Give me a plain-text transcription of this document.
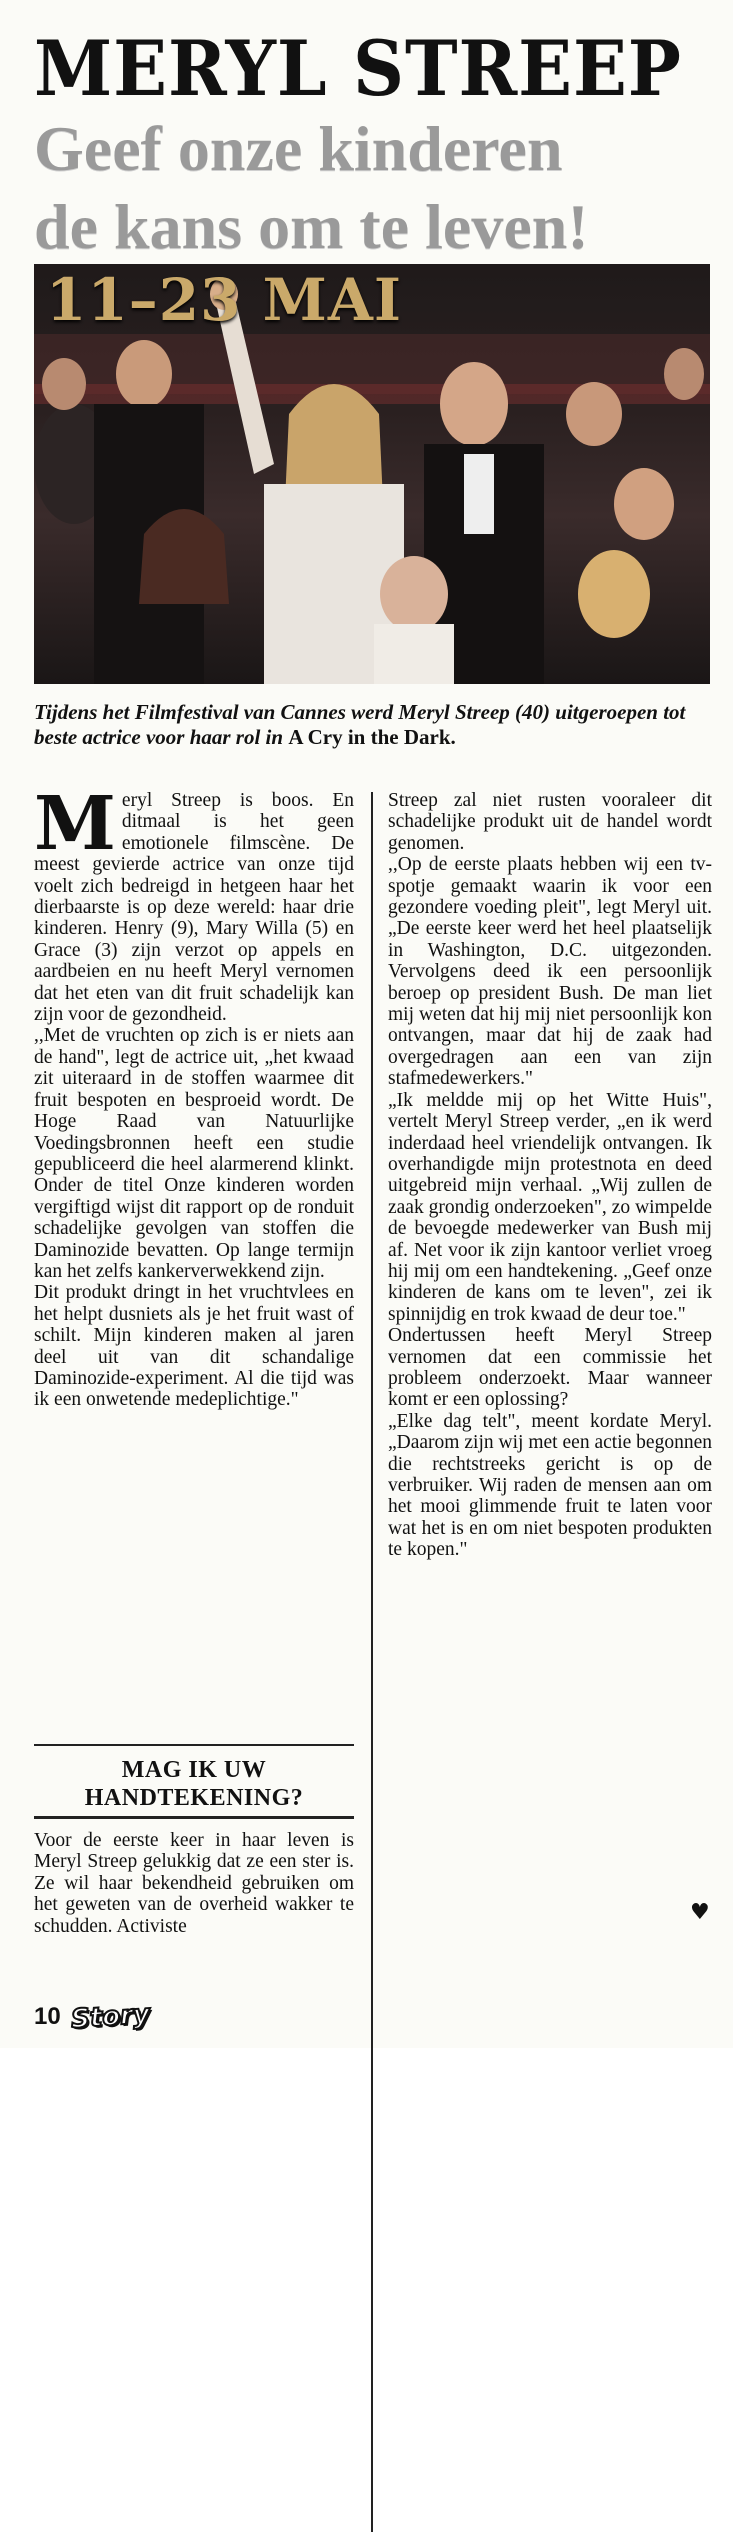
MERYL STREEP
Geef onze kinderen
de kans om te leven!
11–23 MAI
Tijdens het Filmfestival van Cannes werd Meryl Streep (40) uitgeroepen tot beste actrice voor haar rol in A Cry in the Dark.
M eryl Streep is boos. En ditmaal is het geen emotionele filmscène. De meest gevierde actrice van onze tijd voelt zich bedreigd in hetgeen haar het dierbaarste is op deze wereld: haar drie kinderen. Henry (9), Mary Willa (5) en Grace (3) zijn verzot op appels en aardbeien en nu heeft Meryl vernomen dat het eten van dit fruit schadelijk kan zijn voor de gezondheid.

,,Met de vruchten op zich is er niets aan de hand", legt de actrice uit, „het kwaad zit uiteraard in de stoffen waarmee dit fruit bespoten en besproeid wordt. De Hoge Raad van Natuurlijke Voedingsbronnen heeft een studie gepubliceerd die heel alarmerend klinkt. Onder de titel Onze kinderen worden vergiftigd wijst dit rapport op de ronduit schadelijke gevolgen van stoffen die Daminozide bevatten. Op lange termijn kan het zelfs kankerverwekkend zijn.

Dit produkt dringt in het vruchtvlees en het helpt dusniets als je het fruit wast of schilt. Mijn kinderen maken al jaren deel uit van dit schandalige Daminozide-experiment. Al die tijd was ik een onwetende medeplichtige."

MAG IK UW
HANDTEKENING?

Voor de eerste keer in haar leven is Meryl Streep gelukkig dat ze een ster is. Ze wil haar bekendheid gebruiken om het geweten van de overheid wakker te schudden. Activiste

Streep zal niet rusten vooraleer dit schadelijke produkt uit de handel wordt genomen.

,,Op de eerste plaats hebben wij een tv-spotje gemaakt waarin ik voor een gezondere voeding pleit", legt Meryl uit. „De eerste keer werd het heel plaatselijk in Washington, D.C. uitgezonden. Vervolgens deed ik een persoonlijk beroep op president Bush. De man liet mij weten dat hij mij niet persoonlijk kon ontvangen, maar dat hij de zaak had overgedragen aan een van zijn stafmedewerkers."

„Ik meldde mij op het Witte Huis", vertelt Meryl Streep verder, „en ik werd inderdaad heel vriendelijk ontvangen. Ik overhandigde mijn protestnota en deed uitgebreid mijn verhaal. „Wij zullen de zaak grondig onderzoeken", zo wimpelde de bevoegde medewerker van Bush mij af. Net voor ik zijn kantoor verliet vroeg hij mij om een handtekening. „Geef onze kinderen de kans om te leven", zei ik spinnijdig en trok kwaad de deur toe."

Ondertussen heeft Meryl Streep vernomen dat een commissie het probleem onderzoekt. Maar wanneer komt er een oplossing?

„Elke dag telt", meent kordate Meryl. „Daarom zijn wij met een actie begonnen die rechtstreeks gericht is op de verbruiker. Wij raden de mensen aan om het mooi glimmende fruit te laten voor wat het is en om niet bespoten produkten te kopen."

♥
10 Story
